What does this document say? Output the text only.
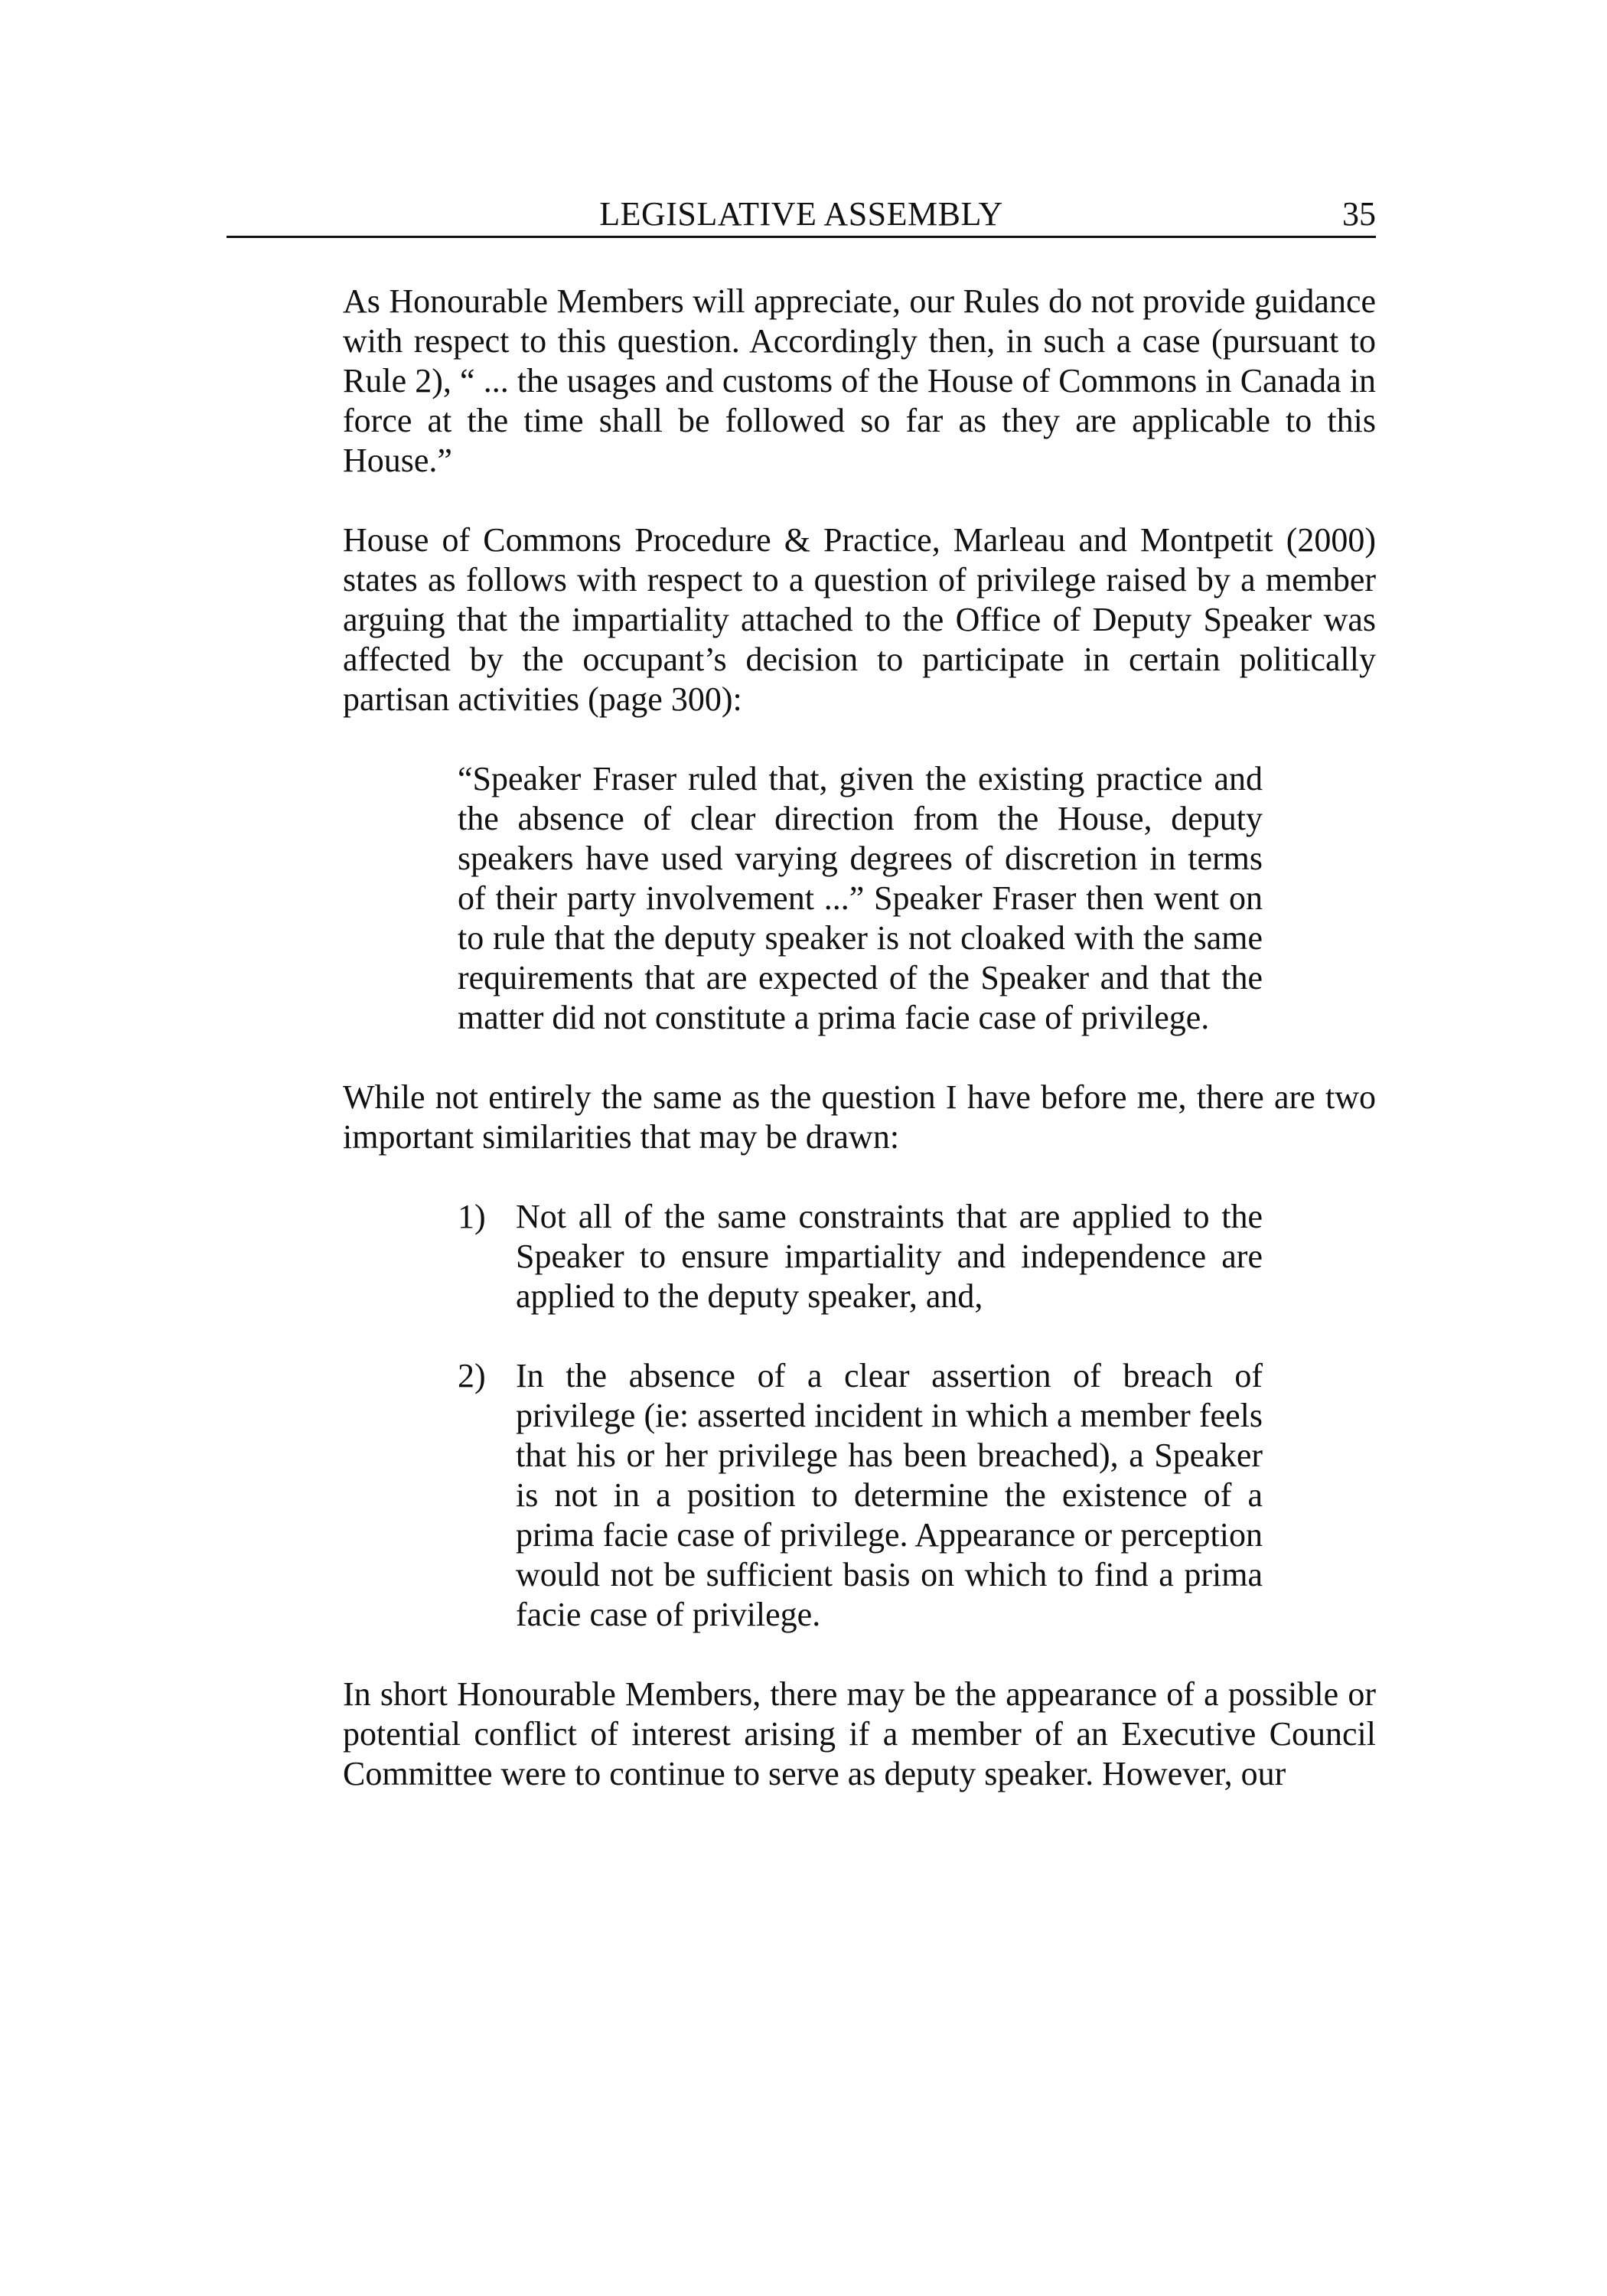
LEGISLATIVE ASSEMBLY	35

As Honourable Members will appreciate, our Rules do not provide guidance with respect to this question. Accordingly then, in such a case (pursuant to Rule 2), “ ... the usages and customs of the House of Commons in Canada in force at the time shall be followed so far as they are applicable to this House.”

House of Commons Procedure & Practice, Marleau and Montpetit (2000) states as follows with respect to a question of privilege raised by a member arguing that the impartiality attached to the Office of Deputy Speaker was affected by the occupant’s decision to participate in certain politically partisan activities (page 300):

“Speaker Fraser ruled that, given the existing practice and the absence of clear direction from the House, deputy speakers have used varying degrees of discretion in terms of their party involvement ...” Speaker Fraser then went on to rule that the deputy speaker is not cloaked with the same requirements that are expected of the Speaker and that the matter did not constitute a prima facie case of privilege.

While not entirely the same as the question I have before me, there are two important similarities that may be drawn:

1) Not all of the same constraints that are applied to the Speaker to ensure impartiality and independence are applied to the deputy speaker, and,
2) In the absence of a clear assertion of breach of privilege (ie: asserted incident in which a member feels that his or her privilege has been breached), a Speaker is not in a position to determine the existence of a prima facie case of privilege. Appearance or perception would not be sufficient basis on which to find a prima facie case of privilege.

In short Honourable Members, there may be the appearance of a possible or potential conflict of interest arising if a member of an Executive Council Committee were to continue to serve as deputy speaker. However, our
